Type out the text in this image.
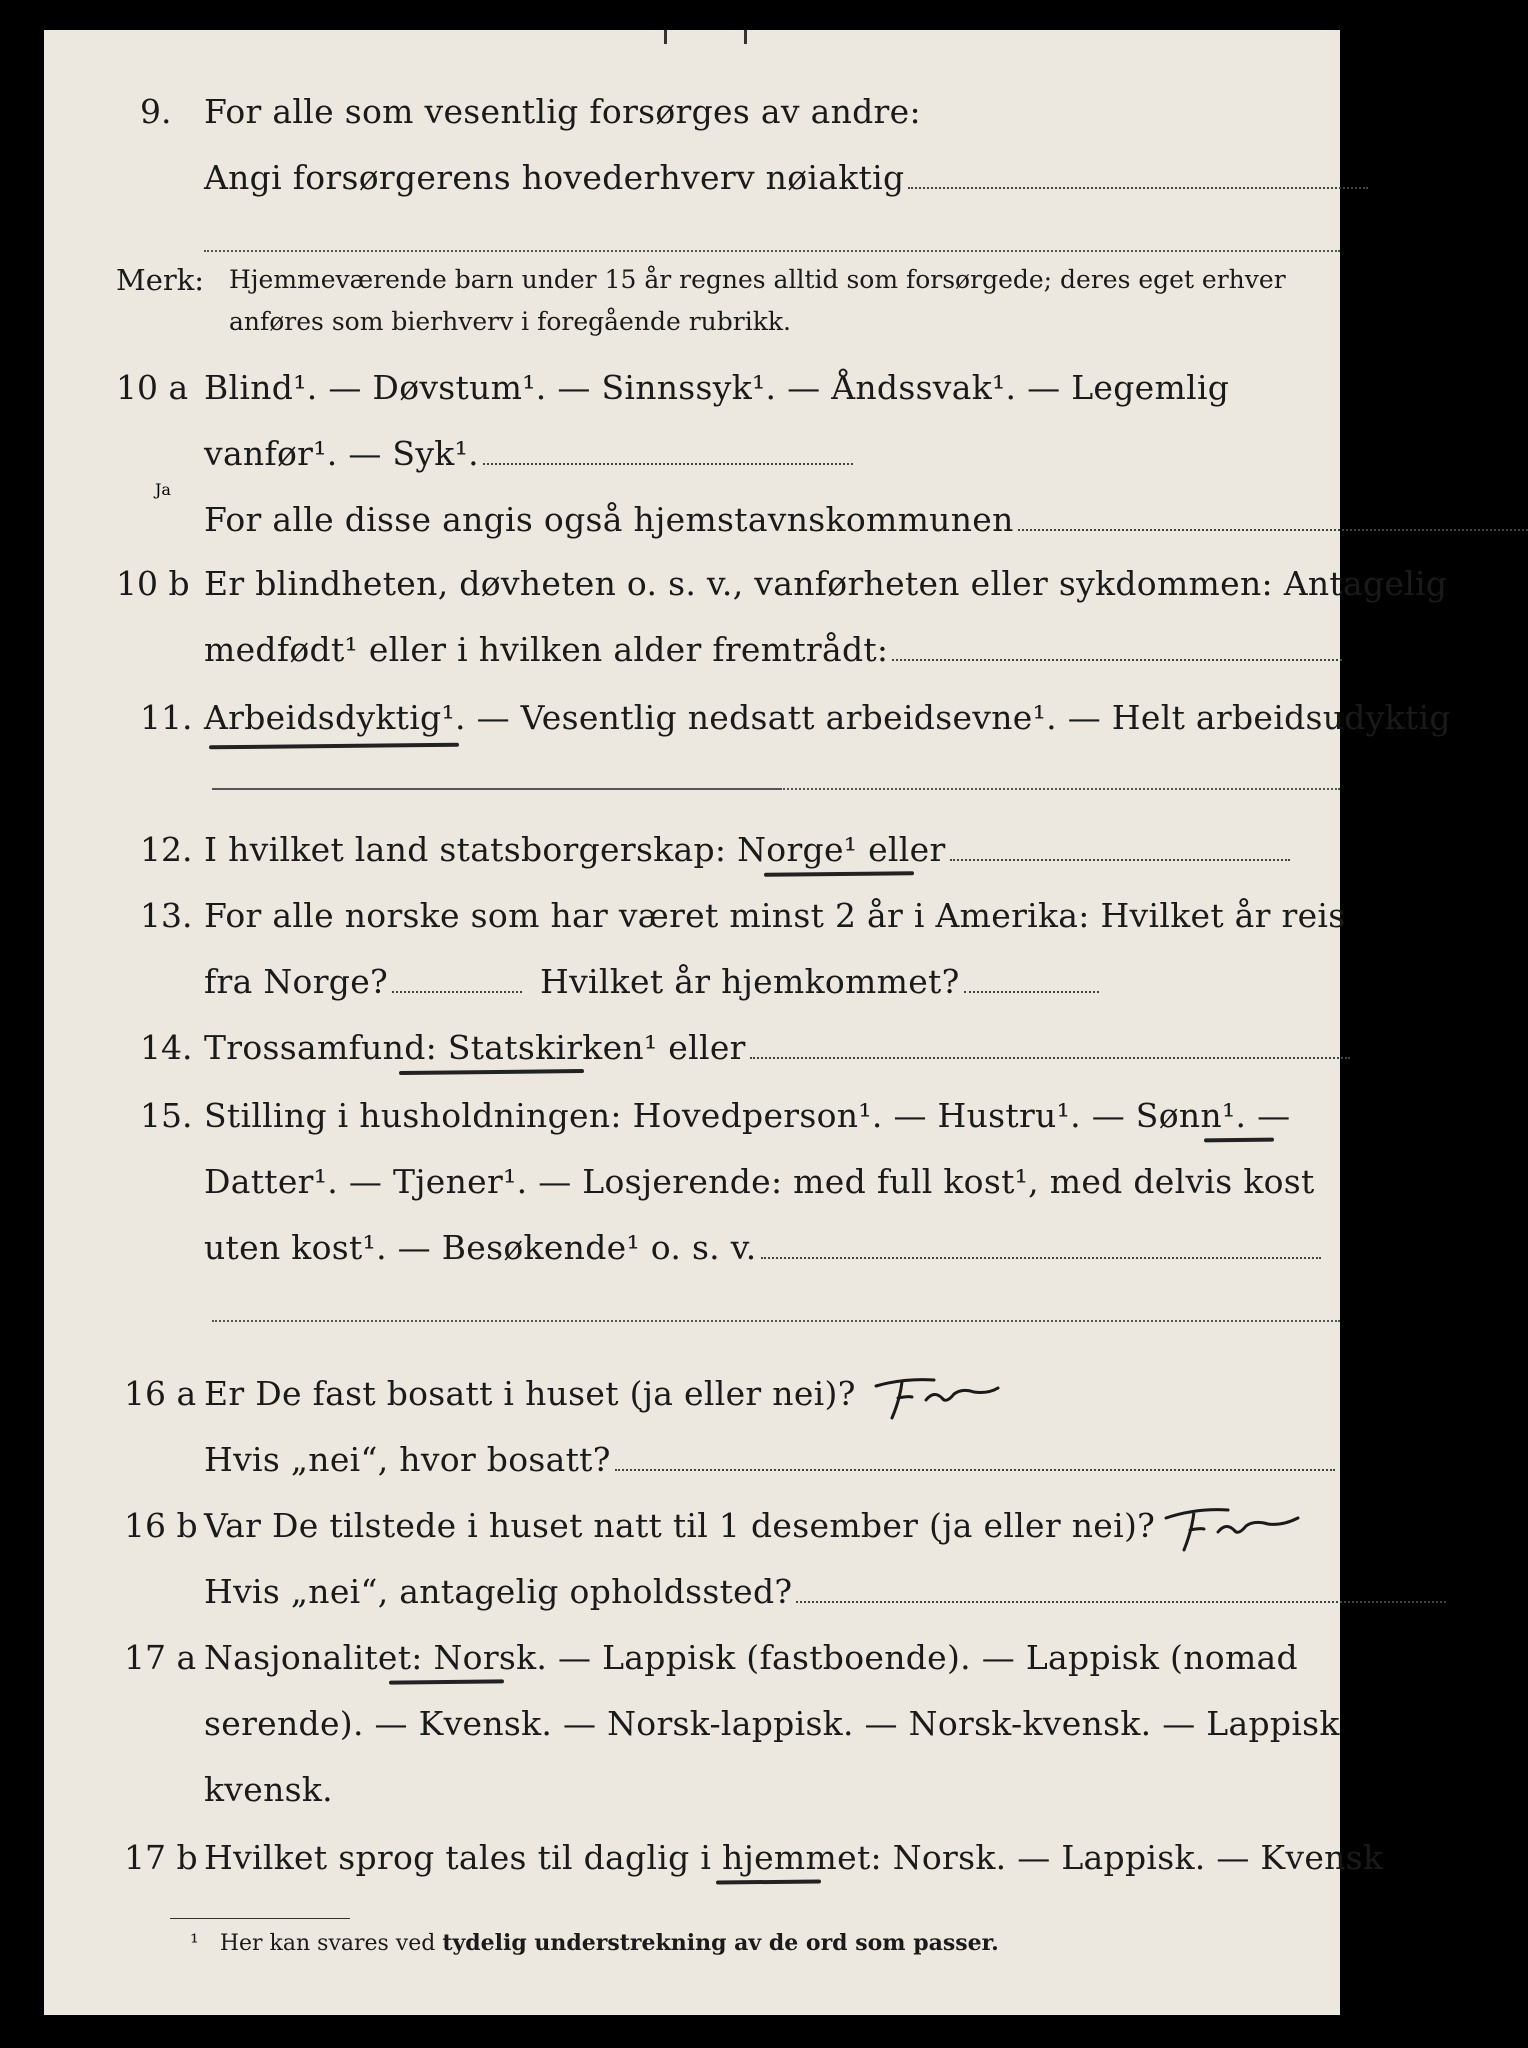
9. For alle som vesentlig forsørges av andre:
Angi forsørgerens hovederhverv nøiaktig
Merk: Hjemmeværende barn under 15 år regnes alltid som forsørgede; deres eget erhver
anføres som bierhverv i foregående rubrikk.
10 a Blind¹. — Døvstum¹. — Sinnssyk¹. — Åndssvak¹. — Legemlig
vanfør¹. — Syk¹.
For alle disse angis også hjemstavnskommunen
10 b Er blindheten, døvheten o. s. v., vanførheten eller sykdommen: Antagelig
medfødt¹ eller i hvilken alder fremtrådt:
11. Arbeidsdyktig¹. — Vesentlig nedsatt arbeidsevne¹. — Helt arbeidsudyktig
12. I hvilket land statsborgerskap: Norge¹ eller
13. For alle norske som har været minst 2 år i Amerika: Hvilket år reis
fra Norge?	Hvilket år hjemkommet?
14. Trossamfund: Statskirken¹ eller
15. Stilling i husholdningen: Hovedperson¹. — Hustru¹. — Sønn¹. —
Datter¹. — Tjener¹. — Losjerende: med full kost¹, med delvis kost
uten kost¹. — Besøkende¹ o. s. v.
16 a Er De fast bosatt i huset (ja eller nei)?
Hvis „nei“, hvor bosatt?
16 b Var De tilstede i huset natt til 1 desember (ja eller nei)?
Ja
Hvis „nei“, antagelig opholdssted?
17 a Nasjonalitet: Norsk. — Lappisk (fastboende). — Lappisk (nomad
serende). — Kvensk. — Norsk-lappisk. — Norsk-kvensk. — Lappisk
kvensk.
17 b Hvilket sprog tales til daglig i hjemmet: Norsk. — Lappisk. — Kvensk
¹ Her kan svares ved tydelig understrekning av de ord som passer.
